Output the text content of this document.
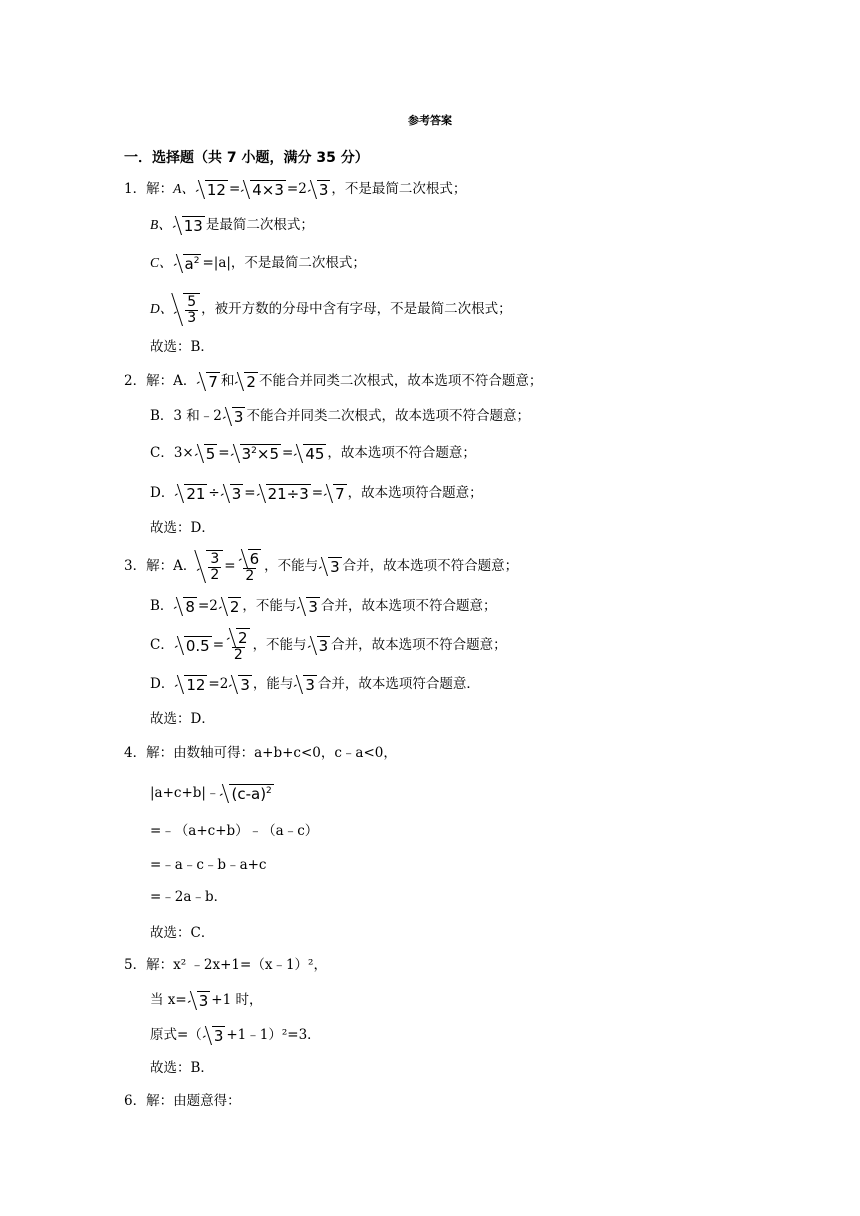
参考答案
一．选择题（共 7 小题，满分 35 分）
1． 解： A、 12 = 4×3 =2 3 ，不是最简二次根式；
B、 13 是最简二次根式；
C、 $a^2 =|a|$，不是最简二次根式；
D、 $\frac{5}{3}$ ，被开方数的分母中含有字母，不是最简二次根式；
故选：B．
2． 解： A． 7 和 2 不能合并同类二次根式，故本选项不符合题意；
B． 3 和﹣2 3 不能合并同类二次根式，故本选项不符合题意；
C． $3\times 5 = 3^2\times 5 = 45$ ，故本选项不符合题意；
D． 21 ÷ 3 = 21÷3 = 7 ，故本选项符合题意；
故选：D．
3． 解： A． $\frac{3}{2} = \frac{6}{2}$ ，不能与 3 合并，故本选项不符合题意；
B． 8 =2 2 ，不能与 3 合并，故本选项不符合题意；
C． $0.5 = \frac{2}{2}$ ，不能与 3 合并，故本选项不符合题意；
D． 12 =2 3 ，能与 3 合并，故本选项符合题意．
故选：D．
4． 解：由数轴可得：a+b+c<0，c﹣a<0，
|a+c+b|﹣ $(c-a)^2$
=﹣（a+c+b）﹣（a﹣c）
=﹣a﹣c﹣b﹣a+c
=﹣2a﹣b．
故选：C．
5． 解：x² ﹣2x+1=（x﹣1）²，
当 x= 3 +1 时，
原式=（ 3 +1﹣1）²=3．
故选：B．
6． 解：由题意得：
